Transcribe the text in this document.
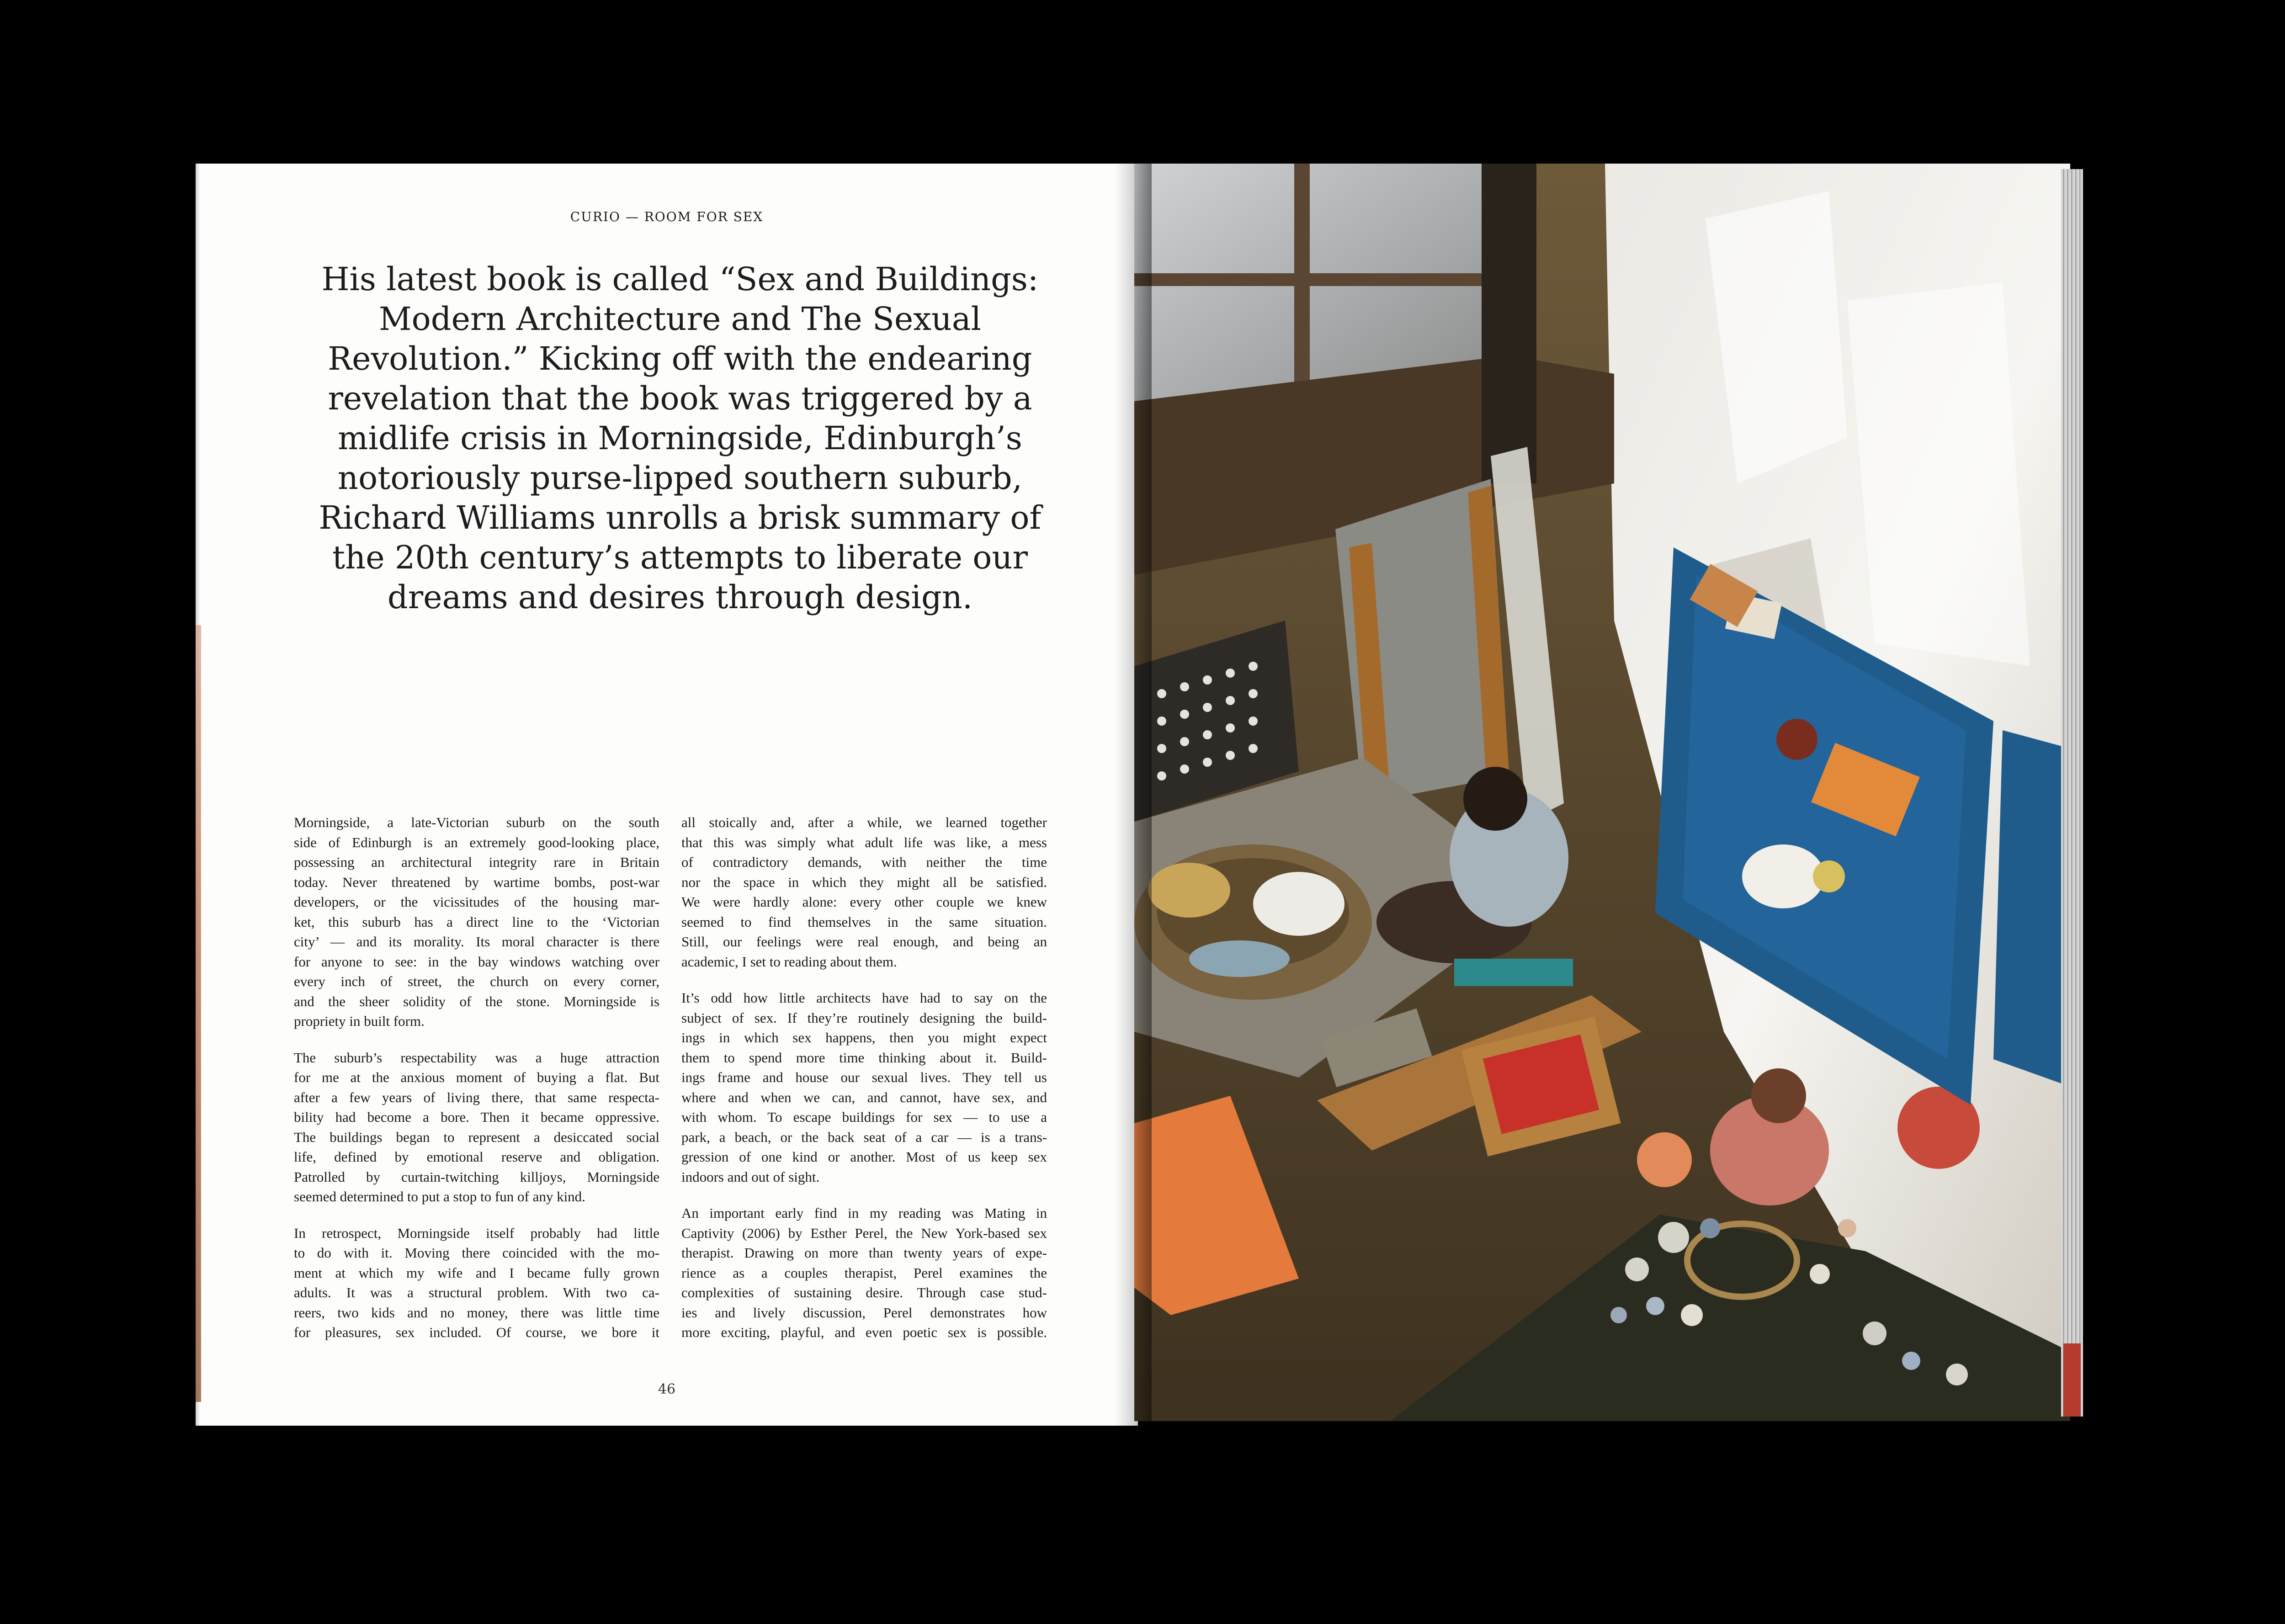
CURIO — ROOM FOR SEX
His latest book is called “Sex and Buildings:
Modern Architecture and The Sexual
Revolution.” Kicking off with the endearing
revelation that the book was triggered by a
midlife crisis in Morningside, Edinburgh’s
notoriously purse-lipped southern suburb,
Richard Williams unrolls a brisk summary of
the 20th century’s attempts to liberate our
dreams and desires through design.

Morningside, a late-Victorian suburb on the south
side of Edinburgh is an extremely good-looking place,
possessing an architectural integrity rare in Britain
today. Never threatened by wartime bombs, post-war
developers, or the vicissitudes of the housing mar-
ket, this suburb has a direct line to the ‘Victorian
city’ — and its morality. Its moral character is there
for anyone to see: in the bay windows watching over
every inch of street, the church on every corner,
and the sheer solidity of the stone. Morningside is
propriety in built form.

The suburb’s respectability was a huge attraction
for me at the anxious moment of buying a flat. But
after a few years of living there, that same respecta-
bility had become a bore. Then it became oppressive.
The buildings began to represent a desiccated social
life, defined by emotional reserve and obligation.
Patrolled by curtain-twitching killjoys, Morningside
seemed determined to put a stop to fun of any kind.

In retrospect, Morningside itself probably had little
to do with it. Moving there coincided with the mo-
ment at which my wife and I became fully grown
adults. It was a structural problem. With two ca-
reers, two kids and no money, there was little time
for pleasures, sex included. Of course, we bore it

all stoically and, after a while, we learned together
that this was simply what adult life was like, a mess
of contradictory demands, with neither the time
nor the space in which they might all be satisfied.
We were hardly alone: every other couple we knew
seemed to find themselves in the same situation.
Still, our feelings were real enough, and being an
academic, I set to reading about them.

It’s odd how little architects have had to say on the
subject of sex. If they’re routinely designing the build-
ings in which sex happens, then you might expect
them to spend more time thinking about it. Build-
ings frame and house our sexual lives. They tell us
where and when we can, and cannot, have sex, and
with whom. To escape buildings for sex — to use a
park, a beach, or the back seat of a car — is a trans-
gression of one kind or another. Most of us keep sex
indoors and out of sight.

An important early find in my reading was Mating in
Captivity (2006) by Esther Perel, the New York-based sex
therapist. Drawing on more than twenty years of expe-
rience as a couples therapist, Perel examines the
complexities of sustaining desire. Through case stud-
ies and lively discussion, Perel demonstrates how
more exciting, playful, and even poetic sex is possible.

46
